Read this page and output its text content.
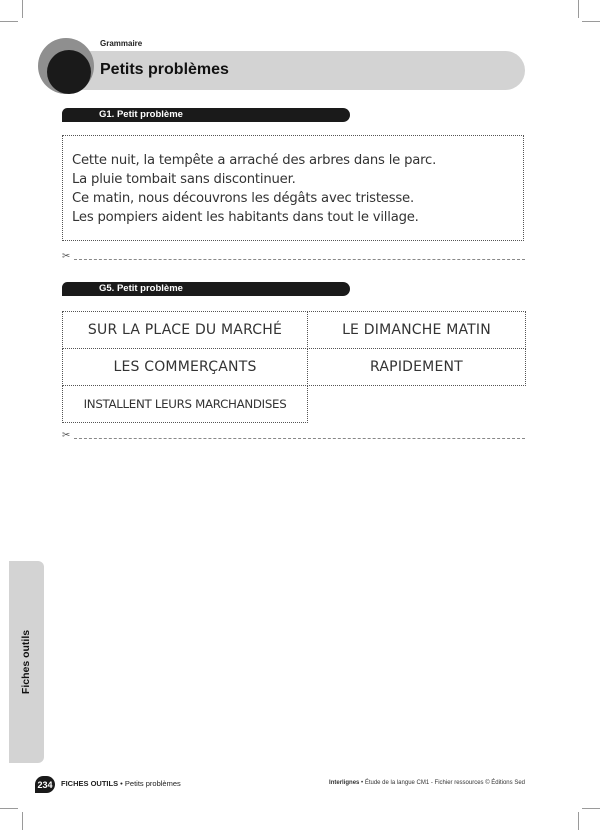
Grammaire
Petits problèmes
G1. Petit problème
Cette nuit, la tempête a arraché des arbres dans le parc.
La pluie tombait sans discontinuer.
Ce matin, nous découvrons les dégâts avec tristesse.
Les pompiers aident les habitants dans tout le village.
✂
G5. Petit problème
SUR LA PLACE DU MARCHÉ	LE DIMANCHE MATIN
LES COMMERÇANTS	RAPIDEMENT
INSTALLENT LEURS MARCHANDISES
✂
Fiches outils
234	FICHES OUTILS • Petits problèmes	Interlignes • Étude de la langue CM1 - Fichier ressources © Éditions Sed
